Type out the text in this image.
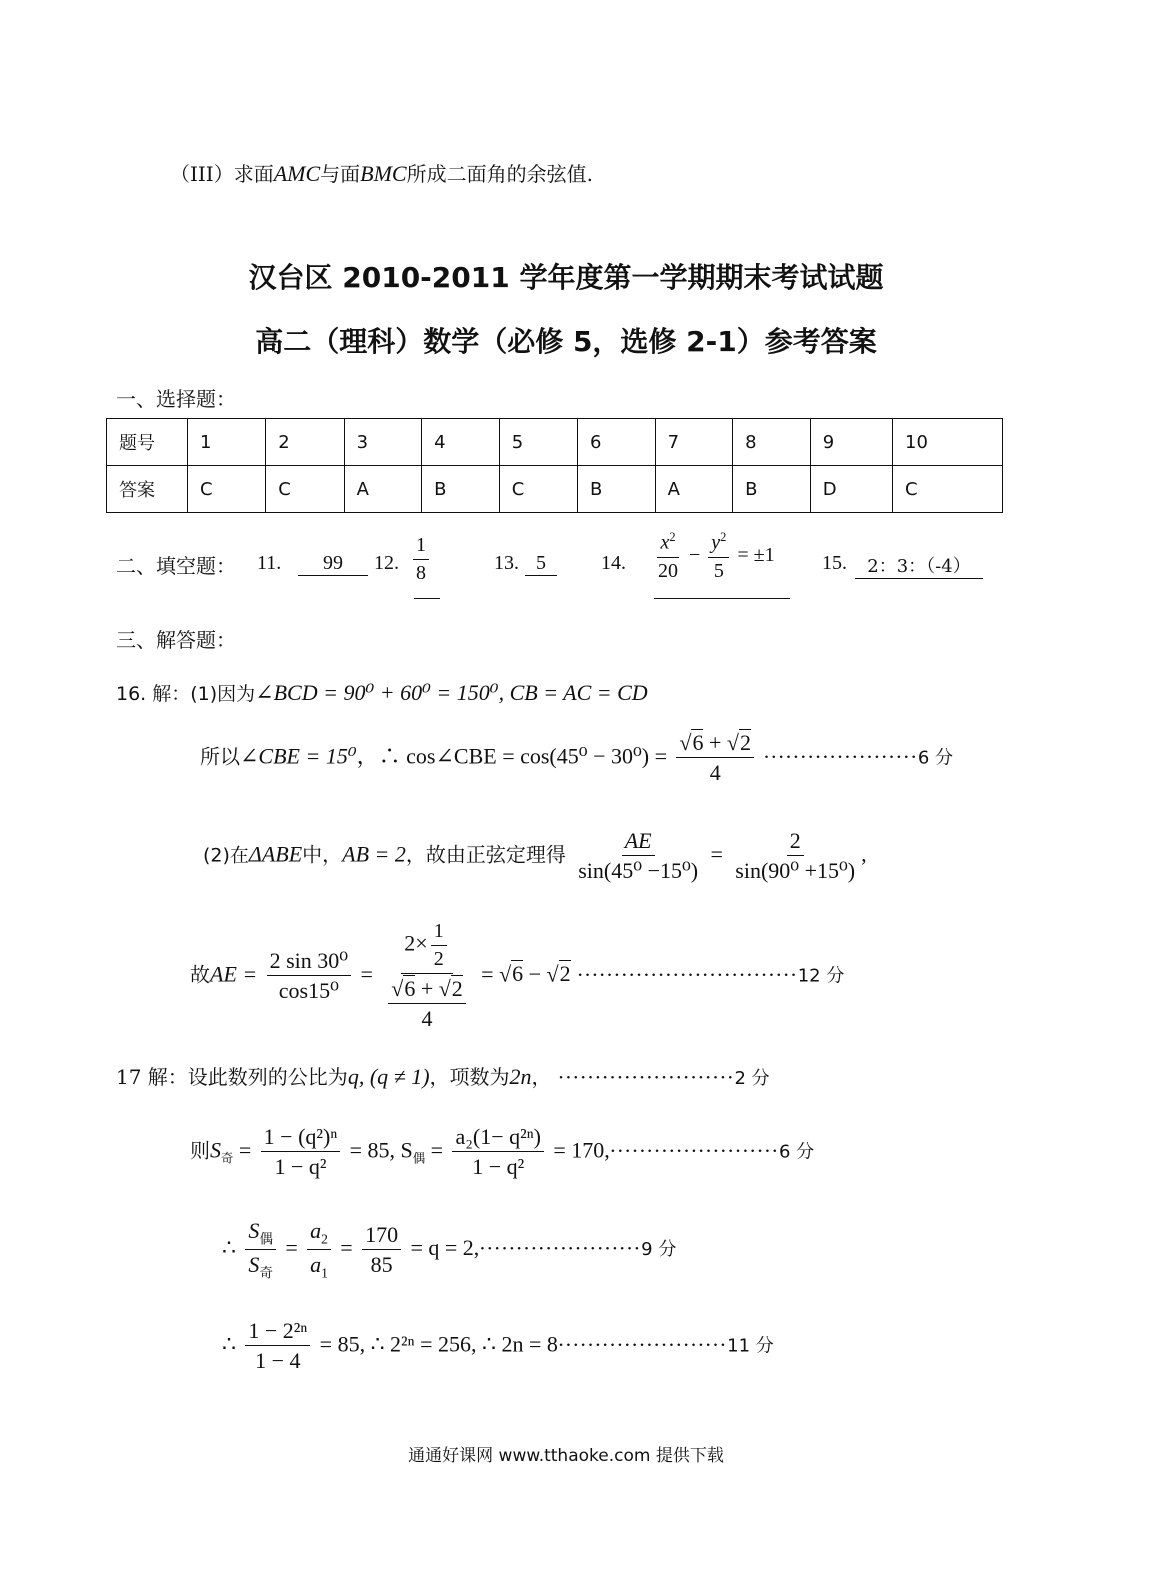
（III）求面AMC与面BMC所成二面角的余弦值.
汉台区 2010-2011 学年度第一学期期末考试试题
高二（理科）数学（必修 5，选修 2-1）参考答案
一、选择题：
题号	1	2	3	4	5	6	7	8	9	10
答案	C	C	A	B	C	B	A	B	D	C
二、填空题： 11.	99	12. $\frac{1}{8}$	13. 5	14. $\frac{x^2}{20} - \frac{y^2}{5} = \pm 1$ 15.	2：3：（-4）
三、解答题：
16. 解：(1)因为∠BCD = 90⁰ + 60⁰ = 150⁰, CB = AC = CD
所以∠CBE = 15⁰，∴ cos∠CBE = $\cos(45^0 - 30^0) = \frac{√6 + √2}{4} \cdot\cdot\cdot\cdot\cdot\cdot\cdot\cdot\cdot\cdot\cdot\cdot\cdot\cdot\cdot\cdot\cdot\cdot\cdot\cdot\cdot 6$ 分
(2)在ΔABE中，AB = 2，故由正弦定理得 $\frac{AE}{\text{sin(45⁰ −15⁰)}} = \frac{2}{\text{sin(90⁰ +15⁰)}}$ ,
故AE = $\frac{\text{2 sin 30⁰}}{\text{cos15⁰}} = \frac{2\times \frac{1}{2}}{\frac{√6 + √2}{4}} = √6 - √2 \cdot\cdot\cdot\cdot\cdot\cdot\cdot\cdot\cdot\cdot\cdot\cdot\cdot\cdot\cdot\cdot\cdot\cdot\cdot\cdot\cdot\cdot\cdot\cdot\cdot\cdot\cdot\cdot\cdot\cdot 12$ 分
17 解：设此数列的公比为q, (q ≠ 1)，项数为2n， ························2 分
则$S_奇 = \frac{\text{1 − (q²)ⁿ}}{\text{1 − q²}} = 85$, $S_偶 = \frac{\text{a₂(1− q²ⁿ)}}{\text{1 − q²}} = 170,\cdot\cdot\cdot\cdot\cdot\cdot\cdot\cdot\cdot\cdot\cdot\cdot\cdot\cdot\cdot\cdot\cdot\cdot\cdot\cdot\cdot\cdot\cdot 6$ 分
∴ $\frac{S_偶}{S_奇} = \frac{a_2}{a_1} = \frac{170}{85} = q = 2,\cdot\cdot\cdot\cdot\cdot\cdot\cdot\cdot\cdot\cdot\cdot\cdot\cdot\cdot\cdot\cdot\cdot\cdot\cdot\cdot\cdot\cdot 9$ 分
∴ $\frac{\text{1 − 2²ⁿ}}{1 - 4} = 85$, ∴ 2²ⁿ = 256, ∴ 2n = 8·······················11 分
通通好课网 www.tthaoke.com 提供下载
